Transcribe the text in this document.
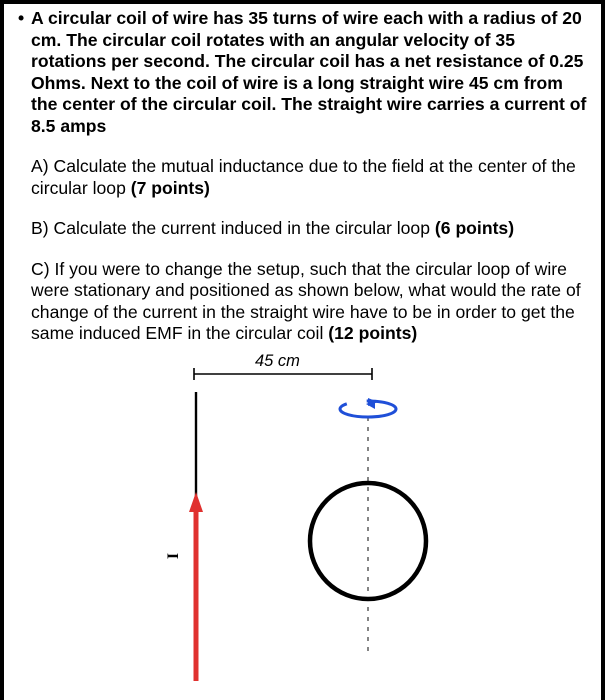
• A circular coil of wire has 35 turns of wire each with a radius of 20 cm. The circular coil rotates with an angular velocity of 35 rotations per second. The circular coil has a net resistance of 0.25 Ohms. Next to the coil of wire is a long straight wire 45 cm from the center of the circular coil. The straight wire carries a current of 8.5 amps
A) Calculate the mutual inductance due to the field at the center of the circular loop (7 points)
B) Calculate the current induced in the circular loop (6 points)
C) If you were to change the setup, such that the circular loop of wire were stationary and positioned as shown below, what would the rate of change of the current in the straight wire have to be in order to get the same induced EMF in the circular coil (12 points)
45 cm
I
